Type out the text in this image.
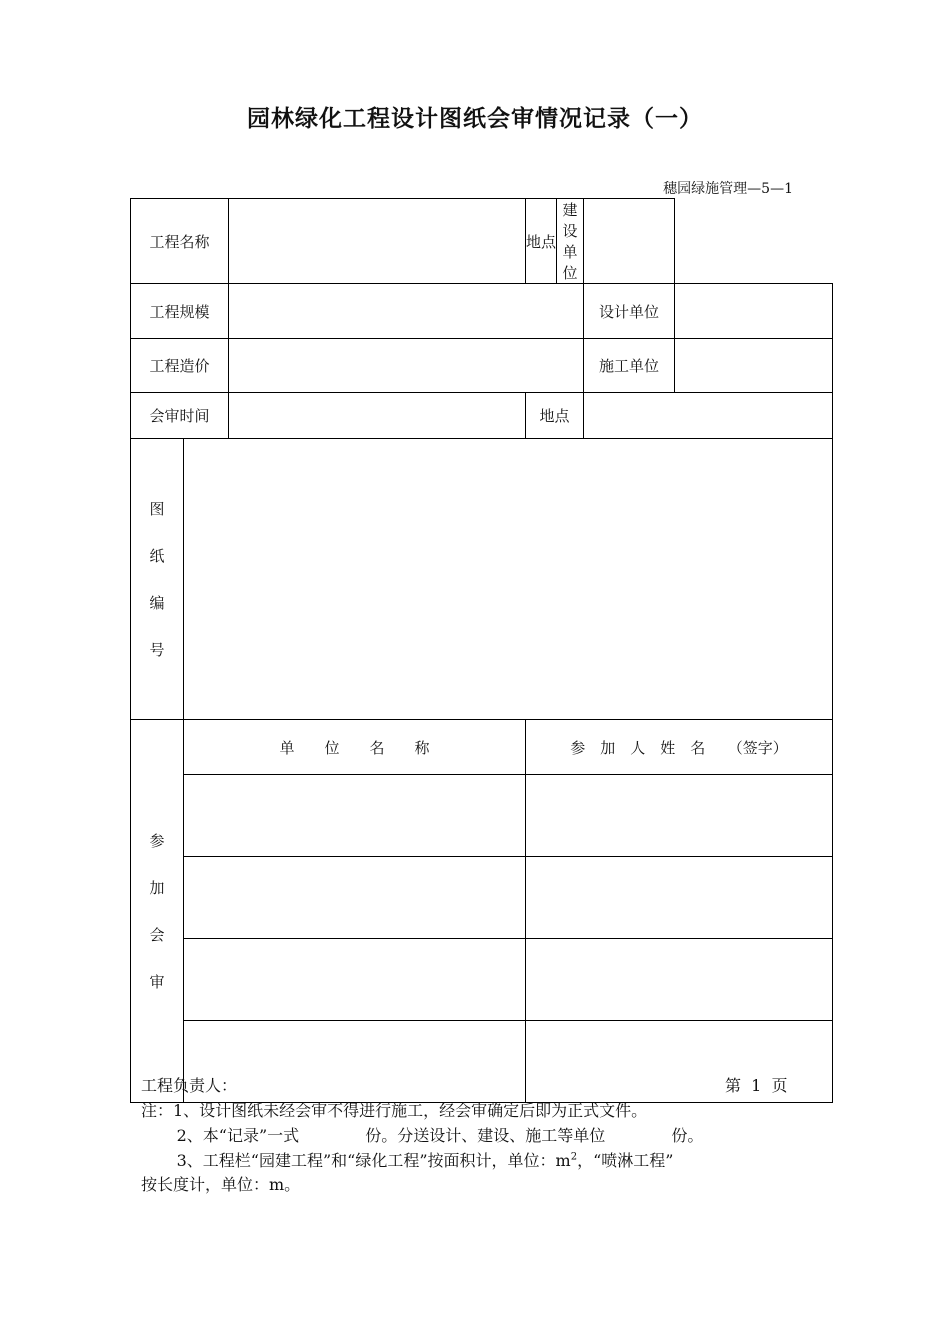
园林绿化工程设计图纸会审情况记录（一）
穗园绿施管理—5—1
工程名称			地点	建设单位		
工程规模					设计单位	
工程造价					施工单位	
会审时间			地点			

图
纸
编
号						

参
加
会
审	单　　位　　名　　称		参　加　人　姓　名　　（签字）			

工程负责人：	第  1  页
注：1、设计图纸未经会审不得进行施工，经会审确定后即为正式文件。
2、本“记录”一式             份。分送设计、建设、施工等单位             份。
3、工程栏“园建工程”和“绿化工程”按面积计，单位：$m^2$，“喷淋工程”
按长度计，单位：m。
